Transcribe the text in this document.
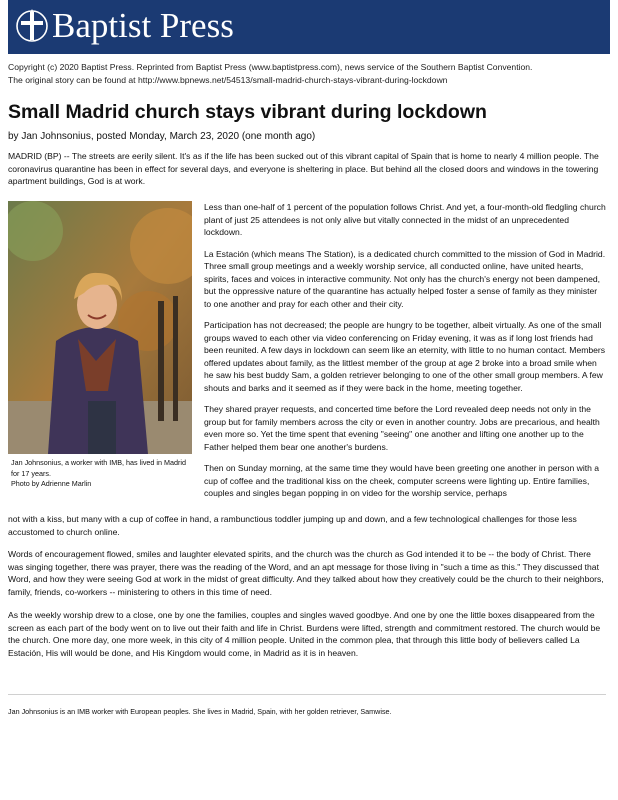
Baptist Press
Copyright (c) 2020 Baptist Press. Reprinted from Baptist Press (www.baptistpress.com), news service of the Southern Baptist Convention.
The original story can be found at http://www.bpnews.net/54513/small-madrid-church-stays-vibrant-during-lockdown
Small Madrid church stays vibrant during lockdown
by Jan Johnsonius, posted Monday, March 23, 2020 (one month ago)

MADRID (BP) -- The streets are eerily silent. It's as if the life has been sucked out of this vibrant capital of Spain that is home to nearly 4 million people. The coronavirus quarantine has been in effect for several days, and everyone is sheltering in place. But behind all the closed doors and windows in the towering apartment buildings, God is at work.

Jan Johnsonius, a worker with IMB, has lived in Madrid for 17 years.
Photo by Adrienne Marlin

Less than one-half of 1 percent of the population follows Christ. And yet, a four-month-old fledgling church plant of just 25 attendees is not only alive but vitally connected in the midst of an unprecedented lockdown.

La Estación (which means The Station), is a dedicated church committed to the mission of God in Madrid. Three small group meetings and a weekly worship service, all conducted online, have united hearts, spirits, faces and voices in interactive community. Not only has the church's energy not been dampened, but the oppressive nature of the quarantine has actually helped foster a sense of family as they minister to one another and pray for each other and their city.

Participation has not decreased; the people are hungry to be together, albeit virtually. As one of the small groups waved to each other via video conferencing on Friday evening, it was as if long lost friends had been reunited. A few days in lockdown can seem like an eternity, with little to no human contact. Members offered updates about family, as the littlest member of the group at age 2 broke into a broad smile when he saw his best buddy Sam, a golden retriever belonging to one of the other small group members. A few shouts and barks and it seemed as if they were back in the home, meeting together.

They shared prayer requests, and concerted time before the Lord revealed deep needs not only in the group but for family members across the city or even in another country. Jobs are precarious, and health even more so. Yet the time spent that evening "seeing" one another and lifting one another up to the Father helped them bear one another's burdens.

Then on Sunday morning, at the same time they would have been greeting one another in person with a cup of coffee and the traditional kiss on the cheek, computer screens were lighting up. Entire families, couples and singles began popping in on video for the worship service, perhaps

not with a kiss, but many with a cup of coffee in hand, a rambunctious toddler jumping up and down, and a few technological challenges for those less accustomed to church online.

Words of encouragement flowed, smiles and laughter elevated spirits, and the church was the church as God intended it to be -- the body of Christ. There was singing together, there was prayer, there was the reading of the Word, and an apt message for those living in "such a time as this." They discussed that Word, and how they were seeing God at work in the midst of great difficulty. And they talked about how they creatively could be the church to their neighbors, family, friends, co-workers -- ministering to others in this time of need.

As the weekly worship drew to a close, one by one the families, couples and singles waved goodbye. And one by one the little boxes disappeared from the screen as each part of the body went on to live out their faith and life in Christ. Burdens were lifted, strength and commitment restored. The church would be the church. One more day, one more week, in this city of 4 million people. United in the common plea, that through this little body of believers called La Estación, His will would be done, and His Kingdom would come, in Madrid as it is in heaven.

Jan Johnsonius is an IMB worker with European peoples. She lives in Madrid, Spain, with her golden retriever, Samwise.
